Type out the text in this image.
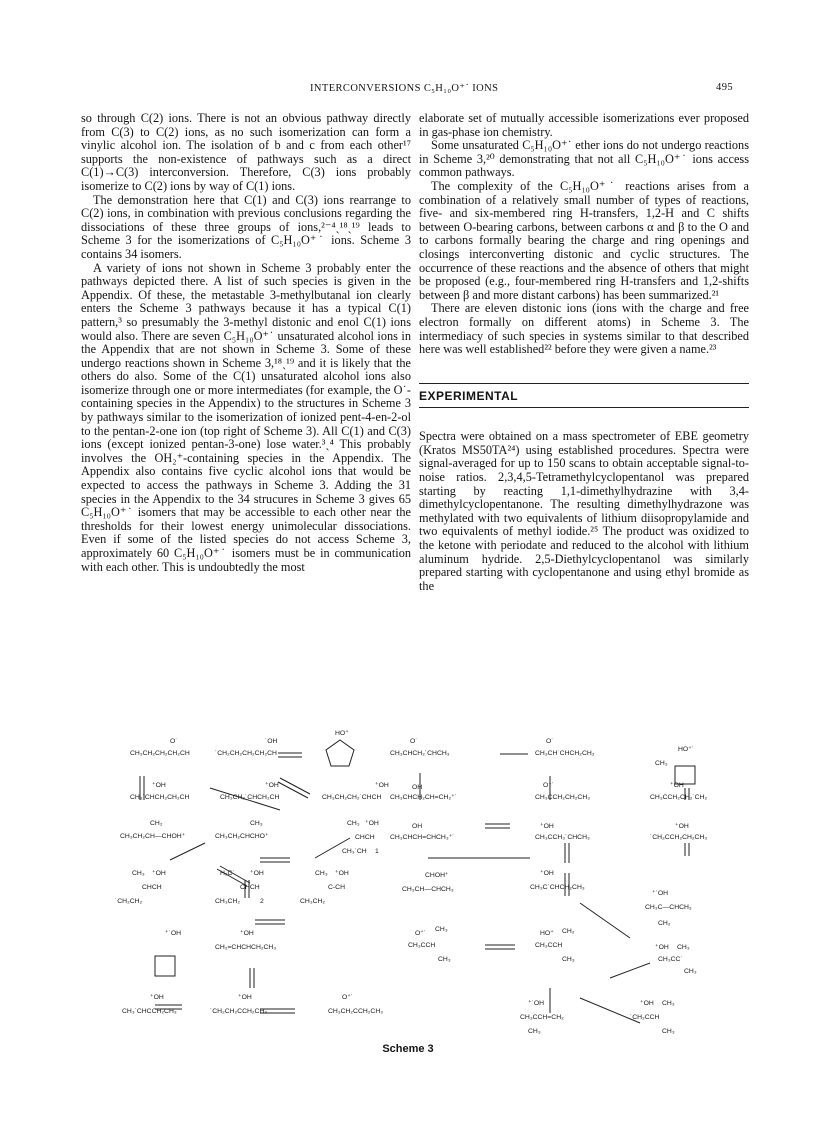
INTERCONVERSIONS C₅H₁₀O⁺˙ IONS	495

so through C(2) ions. There is not an obvious pathway directly from C(3) to C(2) ions, as no such isomerization can form a vinylic alcohol ion. The isolation of b and c from each other¹⁷ supports the non-existence of pathways such as a direct C(1)→C(3) interconversion. Therefore, C(3) ions probably isomerize to C(2) ions by way of C(1) ions.

The demonstration here that C(1) and C(3) ions rearrange to C(2) ions, in combination with previous conclusions regarding the dissociations of these three groups of ions,²⁻⁴ˏ¹⁸ˏ¹⁹ leads to Scheme 3 for the isomerizations of C₅H₁₀O⁺˙ ions. Scheme 3 contains 34 isomers.

A variety of ions not shown in Scheme 3 probably enter the pathways depicted there. A list of such species is given in the Appendix. Of these, the metastable 3-methylbutanal ion clearly enters the Scheme 3 pathways because it has a typical C(1) pattern,³ so presumably the 3-methyl distonic and enol C(1) ions would also. There are seven C₅H₁₀O⁺˙ unsaturated alcohol ions in the Appendix that are not shown in Scheme 3. Some of these undergo reactions shown in Scheme 3,¹⁸ˏ¹⁹ and it is likely that the others do also. Some of the C(1) unsaturated alcohol ions also isomerize through one or more intermediates (for example, the O˙-containing species in the Appendix) to the structures in Scheme 3 by pathways similar to the isomerization of ionized pent-4-en-2-ol to the pentan-2-one ion (top right of Scheme 3). All C(1) and C(3) ions (except ionized pentan-3-one) lose water.³ˏ⁴ This probably involves the OH₂⁺-containing species in the Appendix. The Appendix also contains five cyclic alcohol ions that would be expected to access the pathways in Scheme 3. Adding the 31 species in the Appendix to the 34 strucures in Scheme 3 gives 65 C₅H₁₀O⁺˙ isomers that may be accessible to each other near the thresholds for their lowest energy unimolecular dissociations. Even if some of the listed species do not access Scheme 3, approximately 60 C₅H₁₀O⁺˙ isomers must be in communication with each other. This is undoubtedly the most

elaborate set of mutually accessible isomerizations ever proposed in gas-phase ion chemistry.

Some unsaturated C₅H₁₀O⁺˙ ether ions do not undergo reactions in Scheme 3,²⁰ demonstrating that not all C₅H₁₀O⁺˙ ions access common pathways.

The complexity of the C₅H₁₀O⁺˙ reactions arises from a combination of a relatively small number of types of reactions, five- and six-membered ring H-transfers, 1,2-H and C shifts between O-bearing carbons, between carbons α and β to the O and to carbons formally bearing the charge and ring openings and closings interconverting distonic and cyclic structures. The occurrence of these reactions and the absence of others that might be proposed (e.g., four-membered ring H-transfers and 1,2-shifts between β and more distant carbons) has been summarized.²¹

There are eleven distonic ions (ions with the charge and free electron formally on different atoms) in Scheme 3. The intermediacy of such species in systems similar to that described here was well established²² before they were given a name.²³

EXPERIMENTAL

Spectra were obtained on a mass spectrometer of EBE geometry (Kratos MS50TA²⁴) using established procedures. Spectra were signal-averaged for up to 150 scans to obtain acceptable signal-to-noise ratios. 2,3,4,5-Tetramethylcyclopentanol was prepared starting by reacting 1,1-dimethylhydrazine with 3,4-dimethylcyclopentanone. The resulting dimethylhydrazone was methylated with two equivalents of lithium diisopropylamide and two equivalents of methyl iodide.²⁵ The product was oxidized to the ketone with periodate and reduced to the alcohol with lithium aluminum hydride. 2,5-Diethylcyclopentanol was similarly prepared starting with cyclopentanone and using ethyl bromide as the

O˙
CH₃CH₂CH₂CH₂CH
˙OH
˙CH₂CH₂CH₂CH₂CH
HO⁺
O˙
CH₃CHCH₂˙CHCH₃
O˙
CH₃CH˙CHCH₂CH₃
HO⁺˙
CH₃
⁺OH
CH₃˙CHCH₂CH₂CH
⁺OH
CH₃CH₂˙CHCH₂CH
⁺OH
CH₃CH₂CH₂˙CHCH
OH
CH₃CHCH₂CH=CH₂⁺˙
O⁺˙
CH₃CCH₂CH₂CH₃
⁺OH
CH₃CCH₂CH₂˙CH₂
CH₂
CH₃CH₂CH—CHOH⁺
CH₃
CH₃CH₂CHCHO⁺
CH₃ ⁺OH
CHCH
CH₃˙CH 1
OH
CH₃CHCH=CHCH₃⁺˙
⁺OH
CH₃CCH₃˙CHCH₃
⁺OH
˙CH₂CCH₂CH₂CH₃
CH₃ ⁺OH
CHCH
˙CH₂CH₂
H₂C˙ ⁺OH
CHCH
CH₃CH₂	2
CH₃ ⁺OH
C-CH
CH₃CH₂
CHOH⁺
CH₃CH—CHCH₃
⁺OH
CH₃C˙CHCH₂CH₃
⁺˙OH
CH₃C—CHCH₃
CH₂
⁺˙OH	⁺OH
CH₂=CHCHCH₂CH₃
O⁺˙
CH₃
CH₃CCH
CH₃
HO⁺ CH₂
CH₃CCH
CH₃
⁺OH CH₃
CH₃CC˙
CH₃
⁺OH
CH₃˙CHCCH₂CH₃
⁺OH
˙CH₂CH₂CCH₂CH₃
O⁺˙
CH₃CH₂CCH₂CH₃
⁺˙OH
CH₃CCH=CH₂
CH₃
⁺OH CH₃
˙CH₂CCH
CH₃
Scheme 3
